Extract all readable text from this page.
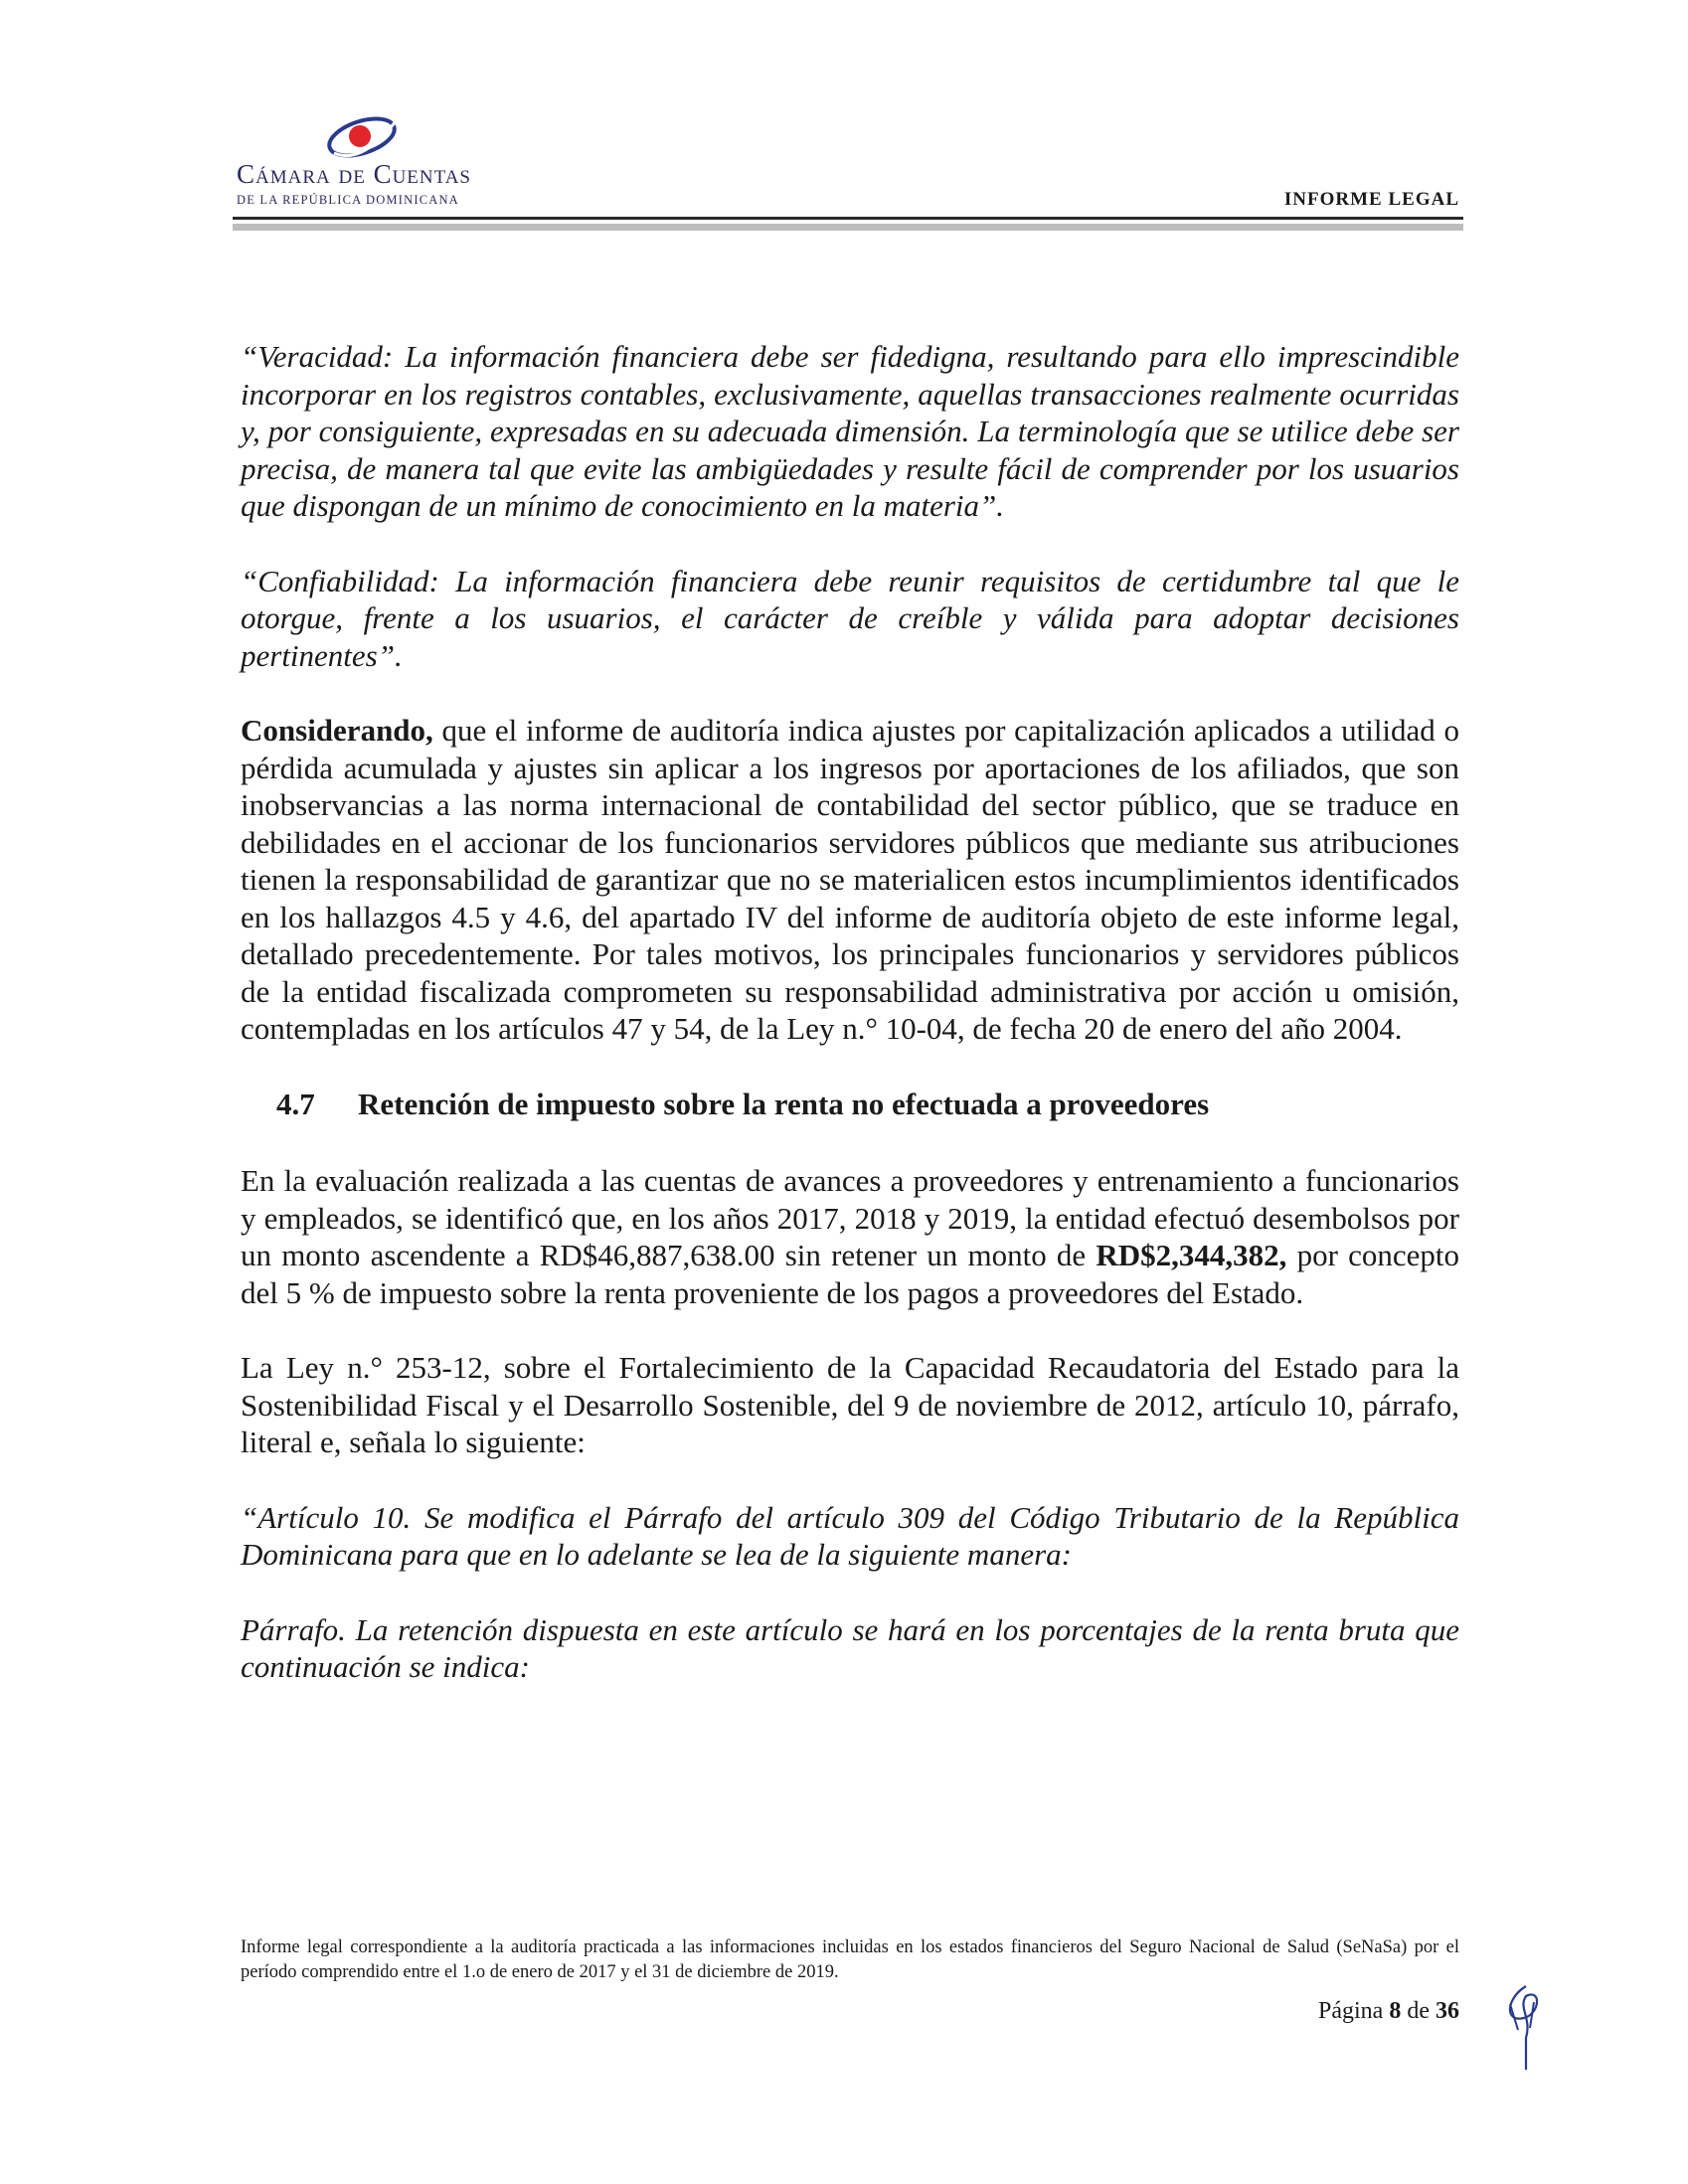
Cámara de Cuentas
DE LA REPÚBLICA DOMINICANA	INFORME LEGAL

“Veracidad: La información financiera debe ser fidedigna, resultando para ello imprescindible incorporar en los registros contables, exclusivamente, aquellas transacciones realmente ocurridas y, por consiguiente, expresadas en su adecuada dimensión. La terminología que se utilice debe ser precisa, de manera tal que evite las ambigüedades y resulte fácil de comprender por los usuarios que dispongan de un mínimo de conocimiento en la materia”.

“Confiabilidad: La información financiera debe reunir requisitos de certidumbre tal que le otorgue, frente a los usuarios, el carácter de creíble y válida para adoptar decisiones pertinentes”.

Considerando, que el informe de auditoría indica ajustes por capitalización aplicados a utilidad o pérdida acumulada y ajustes sin aplicar a los ingresos por aportaciones de los afiliados, que son inobservancias a las norma internacional de contabilidad del sector público, que se traduce en debilidades en el accionar de los funcionarios servidores públicos que mediante sus atribuciones tienen la responsabilidad de garantizar que no se materialicen estos incumplimientos identificados en los hallazgos 4.5 y 4.6, del apartado IV del informe de auditoría objeto de este informe legal, detallado precedentemente. Por tales motivos, los principales funcionarios y servidores públicos de la entidad fiscalizada comprometen su responsabilidad administrativa por acción u omisión, contempladas en los artículos 47 y 54, de la Ley n.° 10-04, de fecha 20 de enero del año 2004.

4.7	Retención de impuesto sobre la renta no efectuada a proveedores

En la evaluación realizada a las cuentas de avances a proveedores y entrenamiento a funcionarios y empleados, se identificó que, en los años 2017, 2018 y 2019, la entidad efectuó desembolsos por un monto ascendente a RD$46,887,638.00 sin retener un monto de RD$2,344,382, por concepto del 5 % de impuesto sobre la renta proveniente de los pagos a proveedores del Estado.

La Ley n.° 253-12, sobre el Fortalecimiento de la Capacidad Recaudatoria del Estado para la Sostenibilidad Fiscal y el Desarrollo Sostenible, del 9 de noviembre de 2012, artículo 10, párrafo, literal e, señala lo siguiente:

“Artículo 10. Se modifica el Párrafo del artículo 309 del Código Tributario de la República Dominicana para que en lo adelante se lea de la siguiente manera:

Párrafo. La retención dispuesta en este artículo se hará en los porcentajes de la renta bruta que continuación se indica:

Informe legal correspondiente a la auditoría practicada a las informaciones incluidas en los estados financieros del Seguro Nacional de Salud (SeNaSa) por el período comprendido entre el 1.o de enero de 2017 y el 31 de diciembre de 2019.
Página 8 de 36
